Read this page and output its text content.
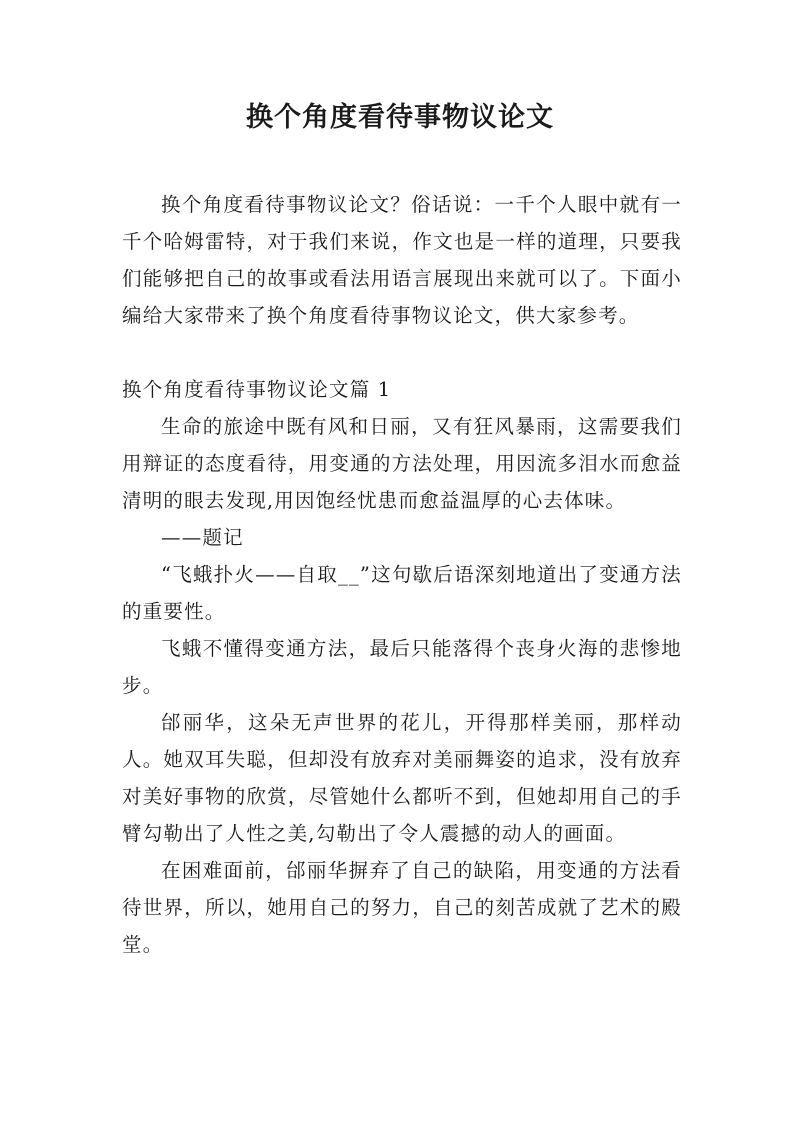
换个角度看待事物议论文

换个角度看待事物议论文？俗话说：一千个人眼中就有一千个哈姆雷特，对于我们来说，作文也是一样的道理，只要我们能够把自己的故事或看法用语言展现出来就可以了。下面小编给大家带来了换个角度看待事物议论文，供大家参考。

换个角度看待事物议论文篇 1

生命的旅途中既有风和日丽，又有狂风暴雨，这需要我们用辩证的态度看待，用变通的方法处理，用因流多泪水而愈益清明的眼去发现,用因饱经忧患而愈益温厚的心去体味。

——题记

“飞蛾扑火——自取__”这句歇后语深刻地道出了变通方法的重要性。

飞蛾不懂得变通方法，最后只能落得个丧身火海的悲惨地步。

邰丽华，这朵无声世界的花儿，开得那样美丽，那样动人。她双耳失聪，但却没有放弃对美丽舞姿的追求，没有放弃对美好事物的欣赏，尽管她什么都听不到，但她却用自己的手臂勾勒出了人性之美,勾勒出了令人震撼的动人的画面。

在困难面前，邰丽华摒弃了自己的缺陷，用变通的方法看待世界，所以，她用自己的努力，自己的刻苦成就了艺术的殿堂。
